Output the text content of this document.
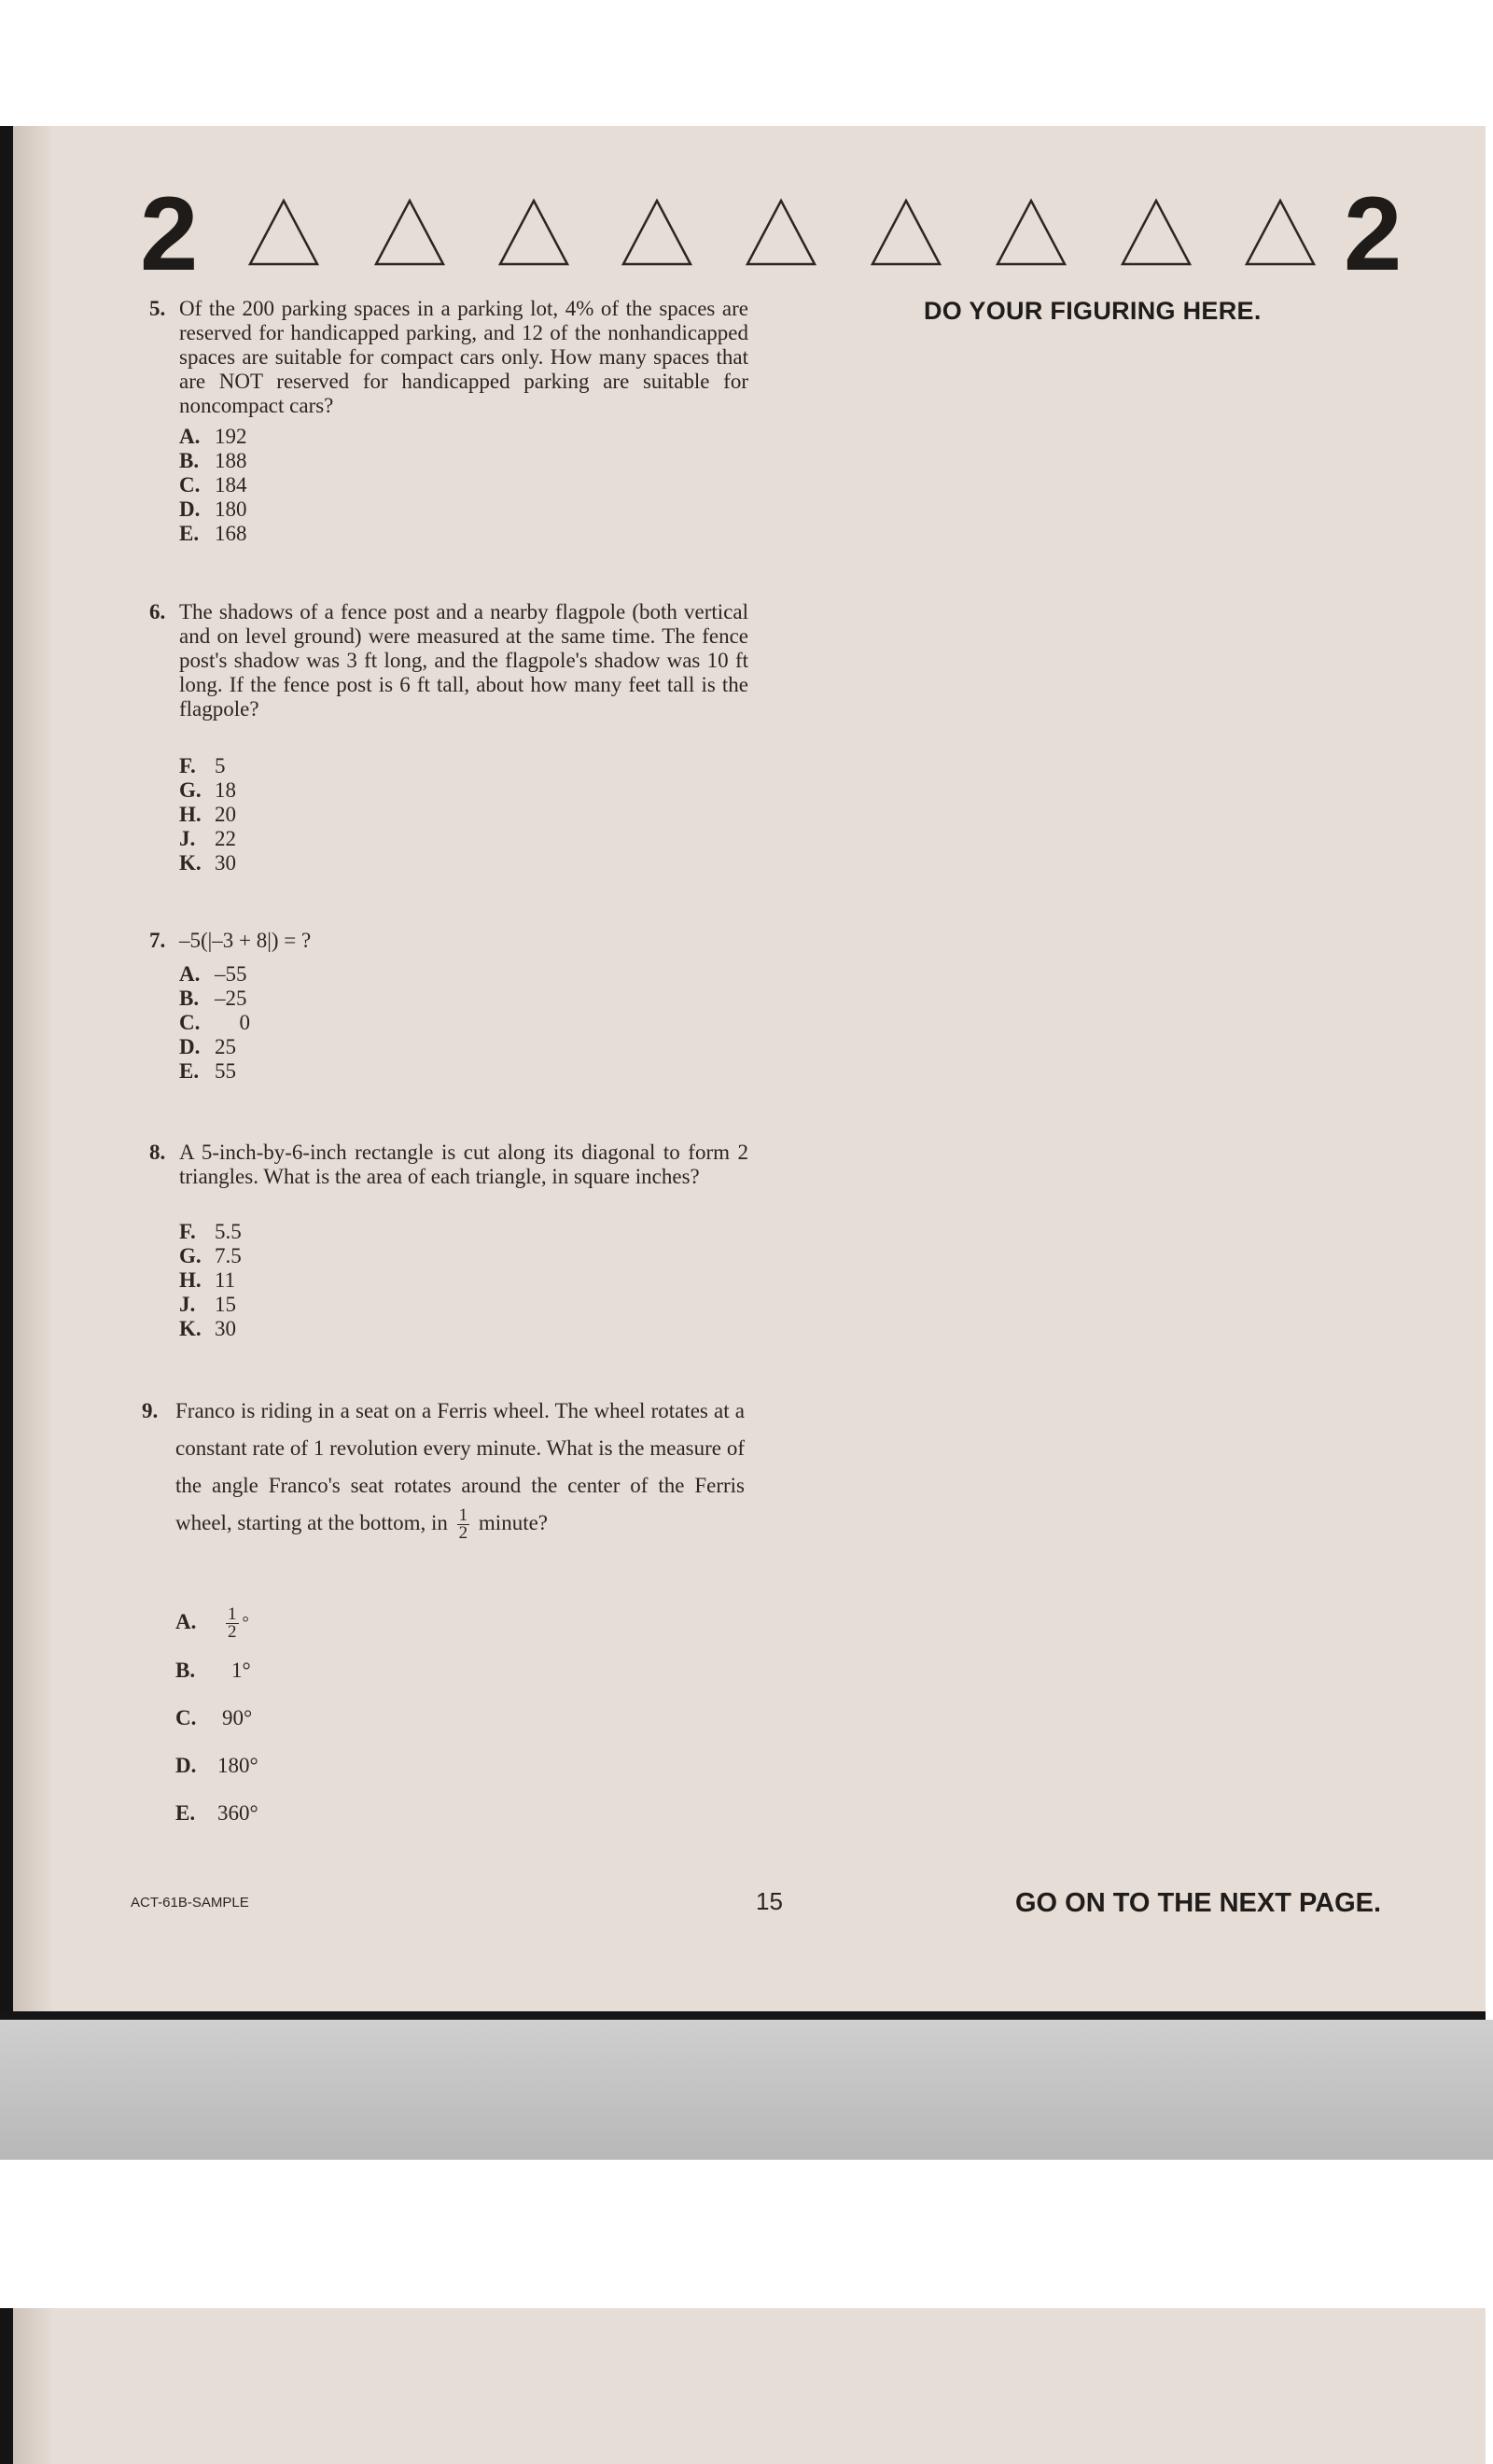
2	2
DO YOUR FIGURING HERE.
5. Of the 200 parking spaces in a parking lot, 4% of the spaces are reserved for handicapped parking, and 12 of the nonhandicapped spaces are suitable for compact cars only. How many spaces that are NOT reserved for handicapped parking are suitable for noncompact cars?
A. 192
B. 188
C. 184
D. 180
E. 168
6. The shadows of a fence post and a nearby flagpole (both vertical and on level ground) were measured at the same time. The fence post's shadow was 3 ft long, and the flagpole's shadow was 10 ft long. If the fence post is 6 ft tall, about how many feet tall is the flagpole?
F. 5
G. 18
H. 20
J. 22
K. 30
7. –5(|–3 + 8|) = ?
A. –55
B. –25
C. 0
D. 25
E. 55
8. A 5-inch-by-6-inch rectangle is cut along its diagonal to form 2 triangles. What is the area of each triangle, in square inches?
F. 5.5
G. 7.5
H. 11
J. 15
K. 30
9. Franco is riding in a seat on a Ferris wheel. The wheel rotates at a constant rate of 1 revolution every minute. What is the measure of the angle Franco's seat rotates around the center of the Ferris wheel, starting at the bottom, in $\frac{1}{2}$ minute?
A. $\frac{1}{2} ^\circ$
B. 1°
C. 90°
D. 180°
E. 360°
ACT-61B-SAMPLE	15	GO ON TO THE NEXT PAGE.
